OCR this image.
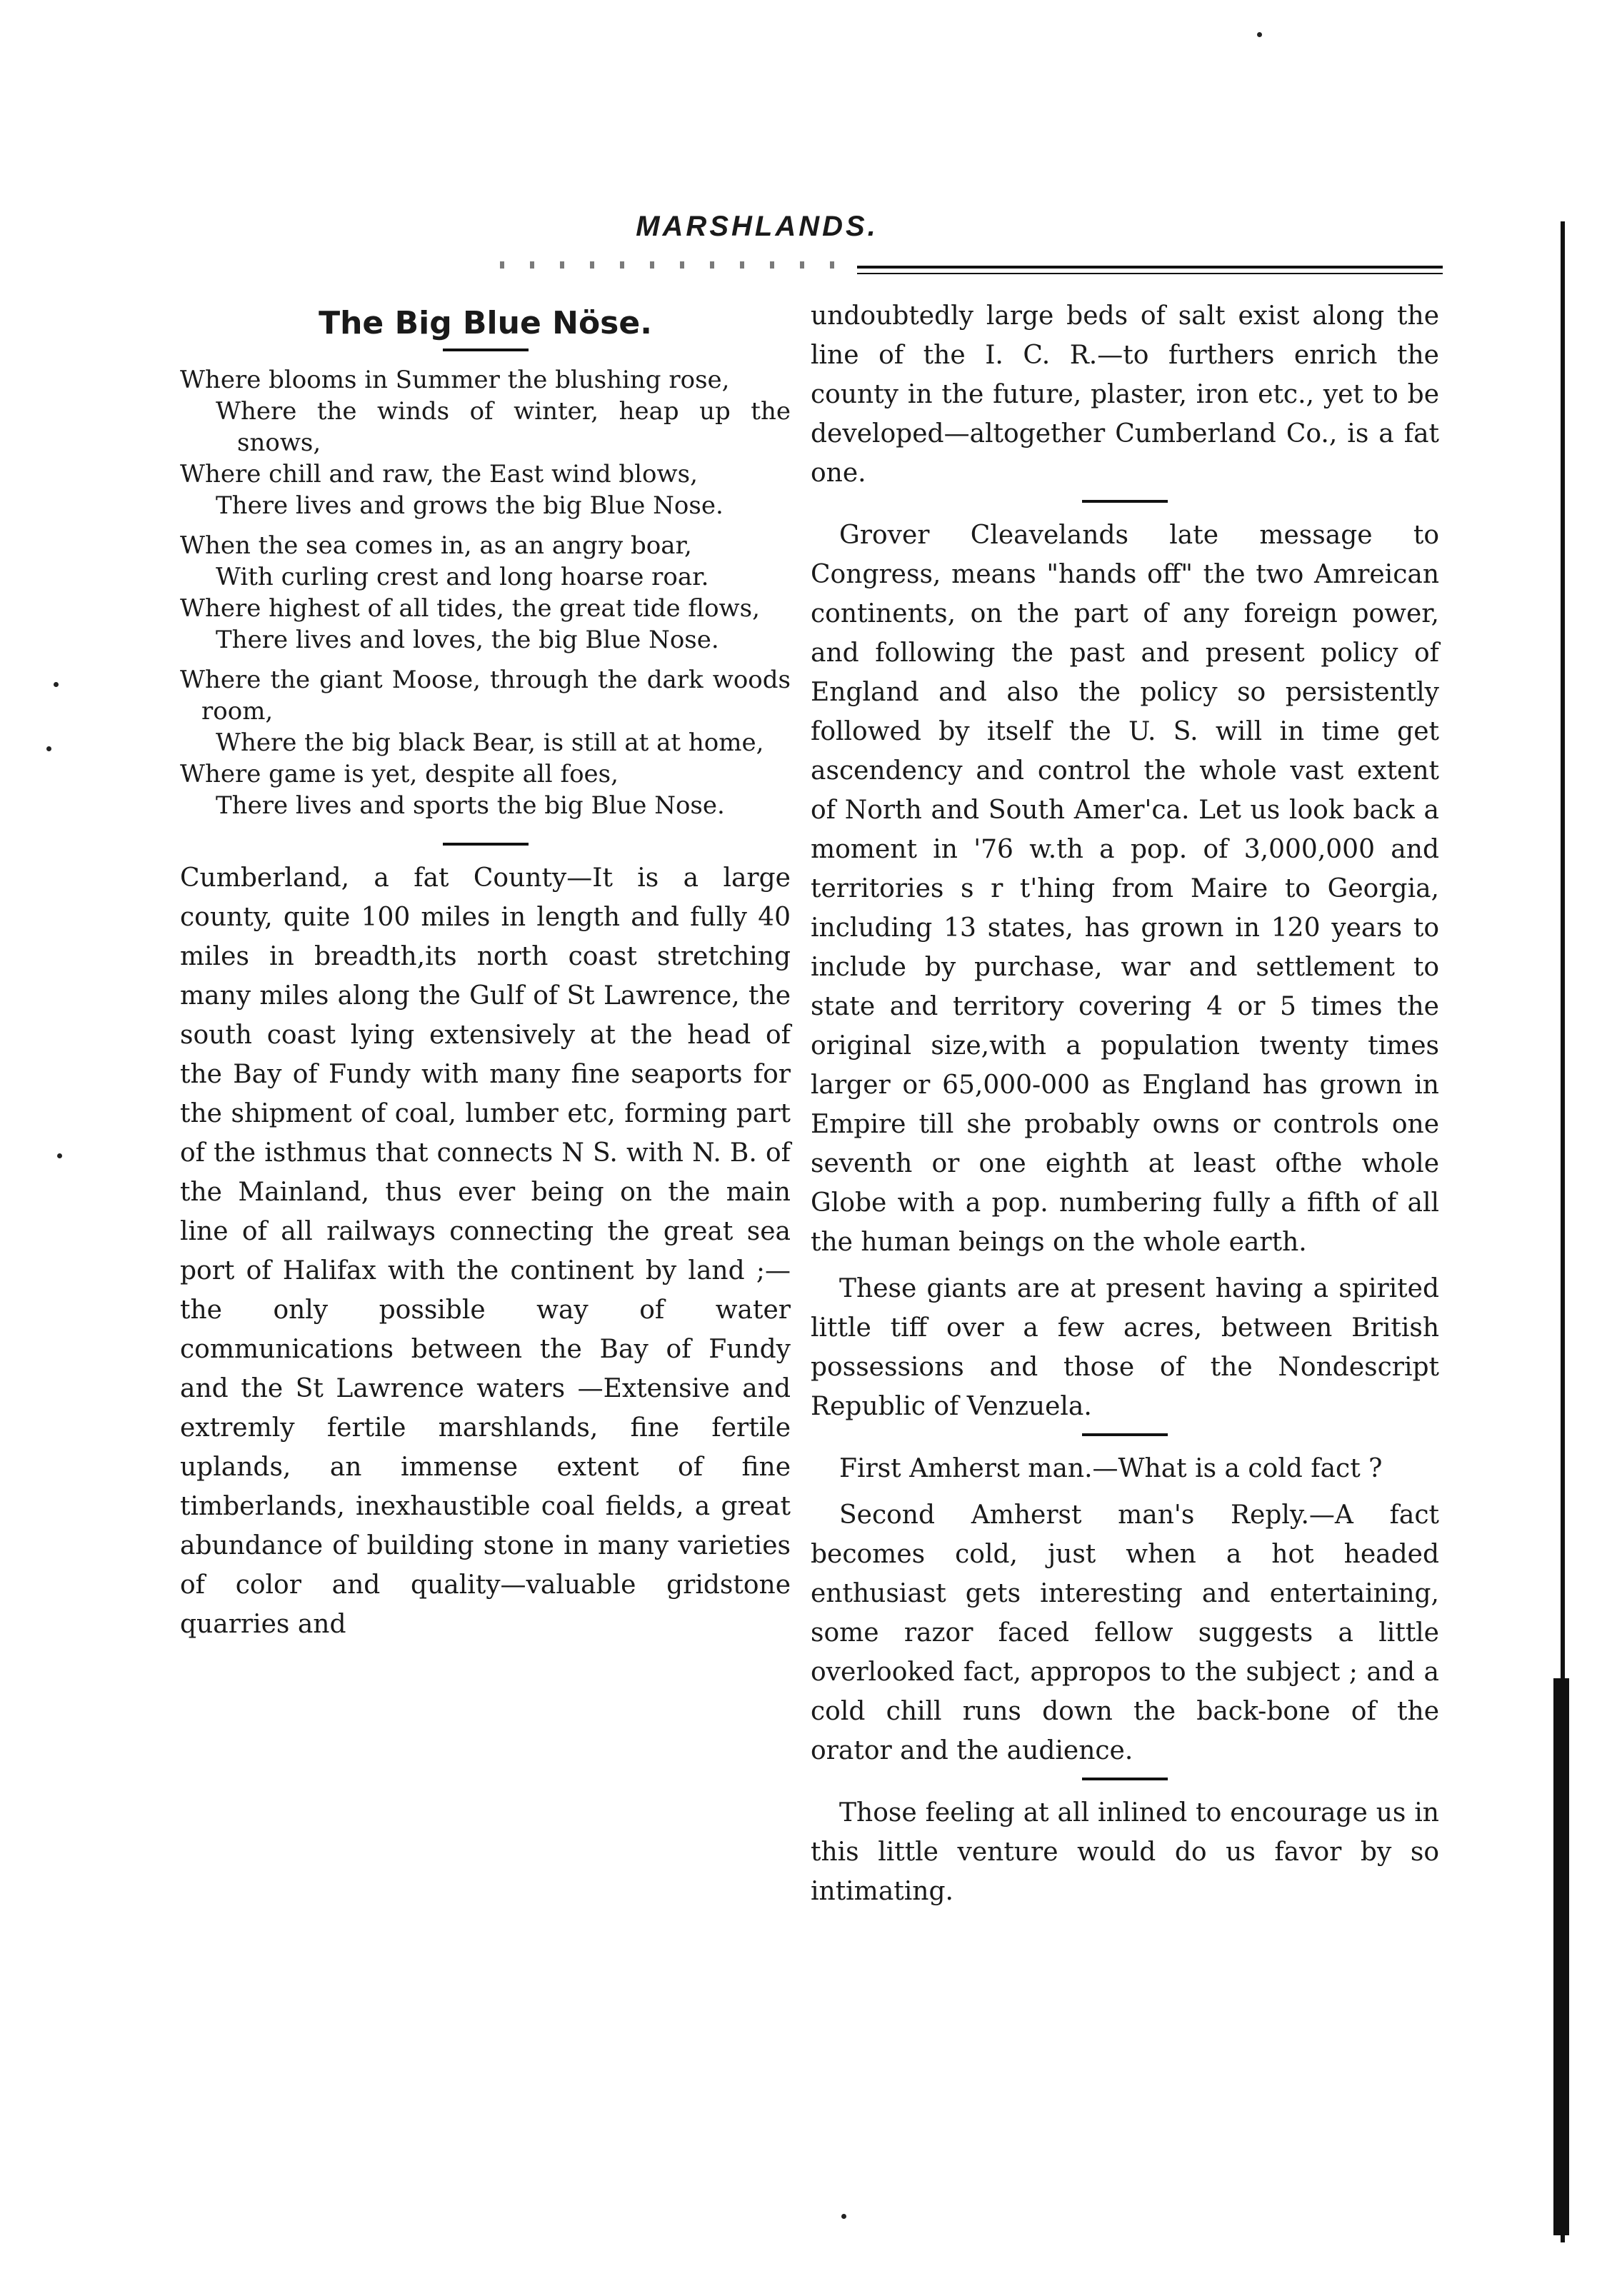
MARSHLANDS.
The Big Blue Nöse.

Where blooms in Summer the blushing rose,

Where the winds of winter, heap up the snows,

Where chill and raw, the East wind blows,

There lives and grows the big Blue Nose.

When the sea comes in, as an angry boar,

With curling crest and long hoarse roar.

Where highest of all tides, the great tide flows,

There lives and loves, the big Blue Nose.

Where the giant Moose, through the dark woods room,

Where the big black Bear, is still at at home,

Where game is yet, despite all foes,

There lives and sports the big Blue Nose.

Cumberland, a fat County—It is a large county, quite 100 miles in length and fully 40 miles in breadth,its north coast stretching many miles along the Gulf of St Lawrence, the south coast lying extensively at the head of the Bay of Fundy with many fine seaports for the shipment of coal, lumber etc, forming part of the isthmus that connects N S. with N. B. of the Mainland, thus ever being on the main line of all railways connecting the great sea port of Halifax with the continent by land ;—the only possible way of water communications between the Bay of Fundy and the St Lawrence waters —Extensive and extremly fertile marshlands, fine fertile uplands, an immense extent of fine timberlands, inexhaustible coal fields, a great abundance of building stone in many varieties of color and quality—valuable gridstone quarries and

undoubtedly large beds of salt exist along the line of the I. C. R.—to furthers enrich the county in the future, plaster, iron etc., yet to be developed—altogether Cumberland Co., is a fat one.

Grover Cleavelands late message to Congress, means "hands off" the two Amreican continents, on the part of any foreign power, and following the past and present policy of England and also the policy so persistently followed by itself the U. S. will in time get ascendency and control the whole vast extent of North and South Amer'ca. Let us look back a moment in '76 w.th a pop. of 3,000,000 and territories s r t'hing from Maire to Georgia, including 13 states, has grown in 120 years to include by purchase, war and settlement to state and territory covering 4 or 5 times the original size,with a population twenty times larger or 65,000-000 as England has grown in Empire till she probably owns or controls one seventh or one eighth at least ofthe whole Globe with a pop. numbering fully a fifth of all the human beings on the whole earth.

These giants are at present having a spirited little tiff over a few acres, between British possessions and those of the Nondescript Republic of Venzuela.

First Amherst man.—What is a cold fact ?

Second Amherst man's Reply.—A fact becomes cold, just when a hot headed enthusiast gets interesting and entertaining, some razor faced fellow suggests a little overlooked fact, appropos to the subject ; and a cold chill runs down the back-bone of the orator and the audience.

Those feeling at all inlined to encourage us in this little venture would do us favor by so intimating.
